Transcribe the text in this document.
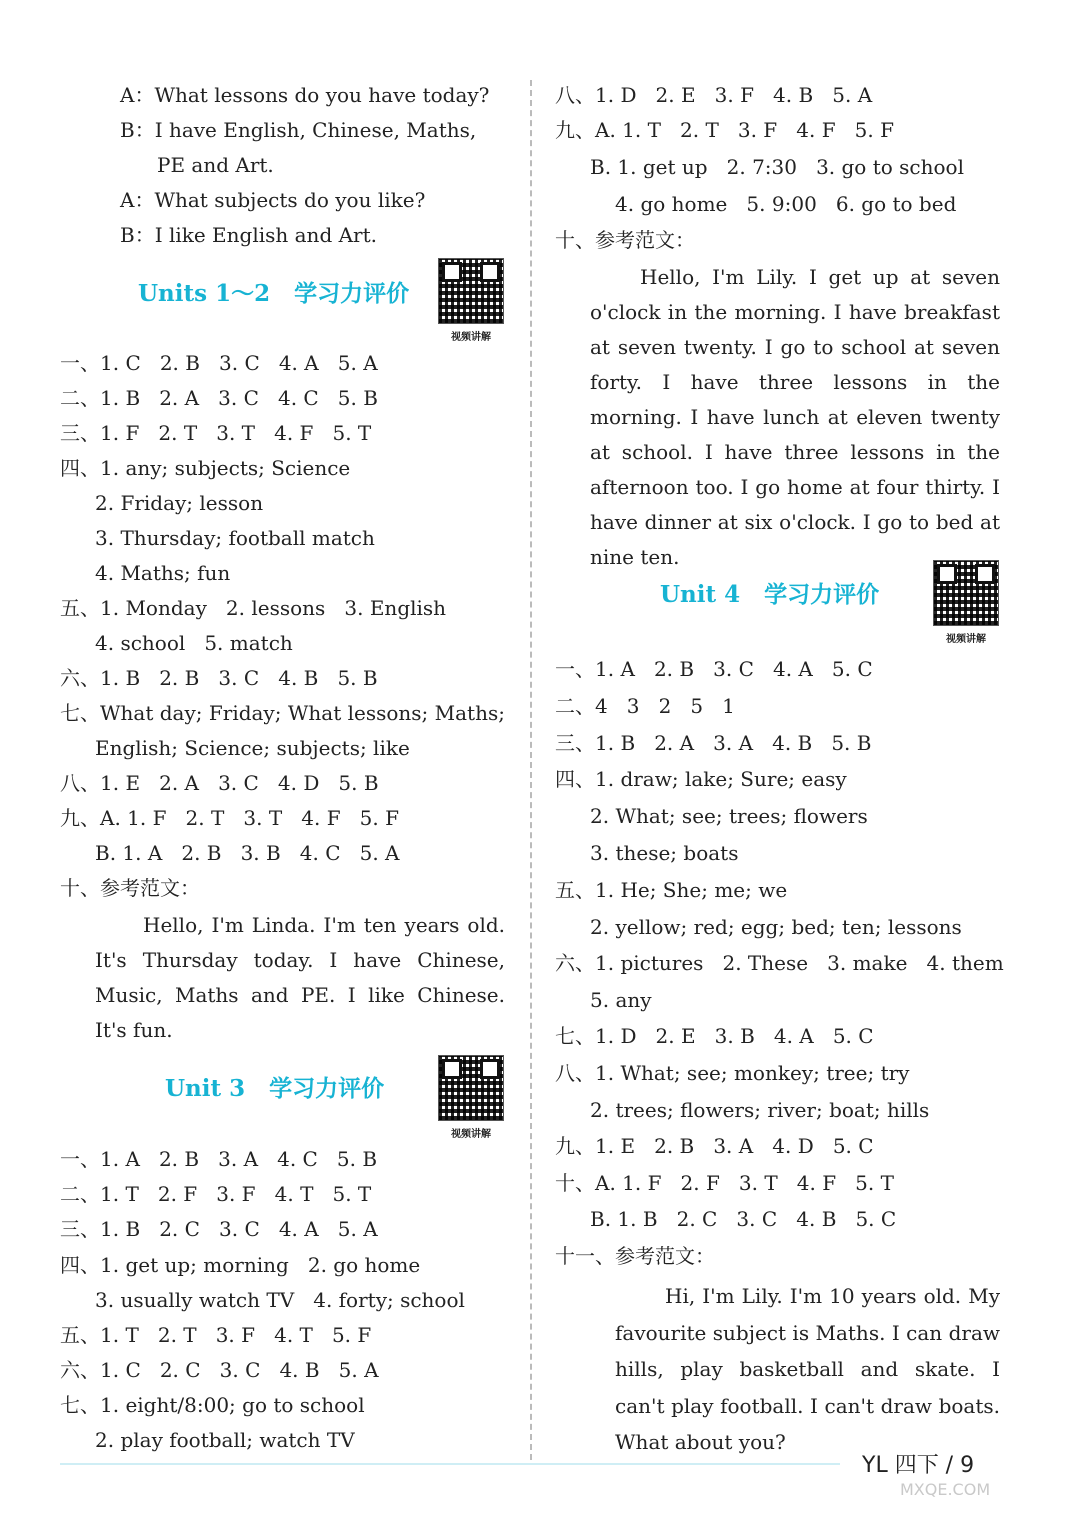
A：What lessons do you have today?
B：I have English, Chinese, Maths,
PE and Art.
A：What subjects do you like?
B：I like English and Art.
Units 1～2   学习力评价
视频讲解
一、1. C   2. B   3. C   4. A   5. A
二、1. B   2. A   3. C   4. C   5. B
三、1. F   2. T   3. T   4. F   5. T
四、1. any; subjects; Science
2. Friday; lesson
3. Thursday; football match
4. Maths; fun
五、1. Monday   2. lessons   3. English
4. school   5. match
六、1. B   2. B   3. C   4. B   5. B
七、What day; Friday; What lessons; Maths;
English; Science; subjects; like
八、1. E   2. A   3. C   4. D   5. B
九、A. 1. F   2. T   3. T   4. F   5. F
B. 1. A   2. B   3. B   4. C   5. A
十、参考范文：
Hello, I'm Linda. I'm ten years old. It's Thursday today. I have Chinese, Music, Maths and PE. I like Chinese. It's fun.
Unit 3   学习力评价
视频讲解
一、1. A   2. B   3. A   4. C   5. B
二、1. T   2. F   3. F   4. T   5. T
三、1. B   2. C   3. C   4. A   5. A
四、1. get up; morning   2. go home
3. usually watch TV   4. forty; school
五、1. T   2. T   3. F   4. T   5. F
六、1. C   2. C   3. C   4. B   5. A
七、1. eight/8:00; go to school
2. play football; watch TV
八、1. D   2. E   3. F   4. B   5. A
九、A. 1. T   2. T   3. F   4. F   5. F
B. 1. get up   2. 7:30   3. go to school
4. go home   5. 9:00   6. go to bed
十、参考范文：
Hello, I'm Lily. I get up at seven o'clock in the morning. I have breakfast at seven twenty. I go to school at seven forty. I have three lessons in the morning. I have lunch at eleven twenty at school. I have three lessons in the afternoon too. I go home at four thirty. I have dinner at six o'clock. I go to bed at nine ten.
Unit 4   学习力评价
视频讲解
一、1. A   2. B   3. C   4. A   5. C
二、4   3   2   5   1
三、1. B   2. A   3. A   4. B   5. B
四、1. draw; lake; Sure; easy
2. What; see; trees; flowers
3. these; boats
五、1. He; She; me; we
2. yellow; red; egg; bed; ten; lessons
六、1. pictures   2. These   3. make   4. them
5. any
七、1. D   2. E   3. B   4. A   5. C
八、1. What; see; monkey; tree; try
2. trees; flowers; river; boat; hills
九、1. E   2. B   3. A   4. D   5. C
十、A. 1. F   2. F   3. T   4. F   5. T
B. 1. B   2. C   3. C   4. B   5. C
十一、参考范文：
Hi, I'm Lily. I'm 10 years old. My favourite subject is Maths. I can draw hills, play basketball and skate. I can't play football. I can't draw boats. What about you?
YL 四下 / 9
MXQE.COM
